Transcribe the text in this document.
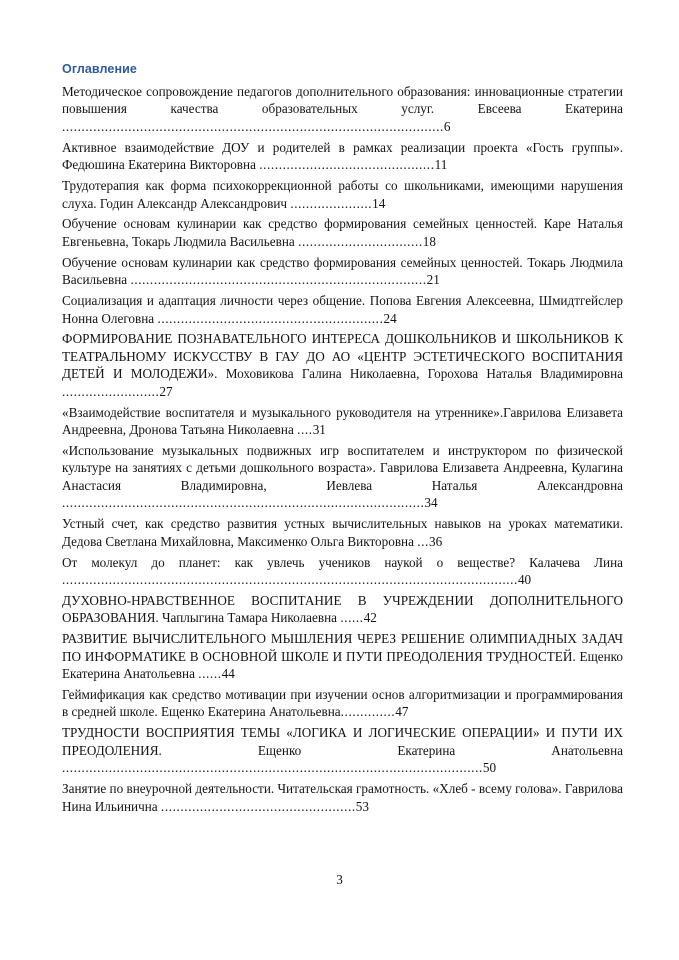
Оглавление
Методическое сопровождение педагогов дополнительного образования: инновационные стратегии повышения качества образовательных услуг. Евсеева Екатерина ..................................................................................................6
Активное взаимодействие ДОУ и родителей в рамках реализации проекта «Гость группы». Федюшина Екатерина Викторовна .............................................11
Трудотерапия как форма психокоррекционной работы со школьниками, имеющими нарушения слуха. Годин Александр Александрович .....................14
Обучение основам кулинарии как средство формирования семейных ценностей. Каре Наталья Евгеньевна, Токарь Людмила Васильевна ................................18
Обучение основам кулинарии как средство формирования семейных ценностей. Токарь Людмила Васильевна ............................................................................21
Социализация и адаптация личности через общение. Попова Евгения Алексеевна, Шмидтгейслер Нонна Олеговна ..........................................................24
ФОРМИРОВАНИЕ ПОЗНАВАТЕЛЬНОГО ИНТЕРЕСА ДОШКОЛЬНИКОВ И ШКОЛЬНИКОВ К ТЕАТРАЛЬНОМУ ИСКУССТВУ В ГАУ ДО АО «ЦЕНТР ЭСТЕТИЧЕСКОГО ВОСПИТАНИЯ ДЕТЕЙ И МОЛОДЕЖИ». Моховикова Галина Николаевна, Горохова Наталья Владимировна .........................27
«Взаимодействие воспитателя и музыкального руководителя на утреннике».Гаврилова Елизавета Андреевна, Дронова Татьяна Николаевна ....31
«Использование музыкальных подвижных игр воспитателем и инструктором по физической культуре на занятиях с детьми дошкольного возраста». Гаврилова Елизавета Андреевна, Кулагина Анастасия Владимировна, Иевлева Наталья Александровна .............................................................................................34
Устный счет, как средство развития устных вычислительных навыков на уроках математики. Дедова Светлана Михайловна, Максименко Ольга Викторовна ...36
От молекул до планет: как увлечь учеников наукой о веществе? Калачева Лина .....................................................................................................................40
ДУХОВНО-НРАВСТВЕННОЕ ВОСПИТАНИЕ В УЧРЕЖДЕНИИ ДОПОЛНИТЕЛЬНОГО ОБРАЗОВАНИЯ. Чаплыгина Тамара Николаевна ......42
РАЗВИТИЕ ВЫЧИСЛИТЕЛЬНОГО МЫШЛЕНИЯ ЧЕРЕЗ РЕШЕНИЕ ОЛИМПИАДНЫХ ЗАДАЧ ПО ИНФОРМАТИКЕ В ОСНОВНОЙ ШКОЛЕ И ПУТИ ПРЕОДОЛЕНИЯ ТРУДНОСТЕЙ. Ещенко Екатерина Анатольевна ......44
Геймификация как средство мотивации при изучении основ алгоритмизации и программирования в средней школе. Ещенко Екатерина Анатольевна..............47
ТРУДНОСТИ ВОСПРИЯТИЯ ТЕМЫ «ЛОГИКА И ЛОГИЧЕСКИЕ ОПЕРАЦИИ» И ПУТИ ИХ ПРЕОДОЛЕНИЯ. Ещенко Екатерина Анатольевна ............................................................................................................50
Занятие по внеурочной деятельности. Читательская грамотность. «Хлеб - всему голова». Гаврилова Нина Ильинична ..................................................53
3
